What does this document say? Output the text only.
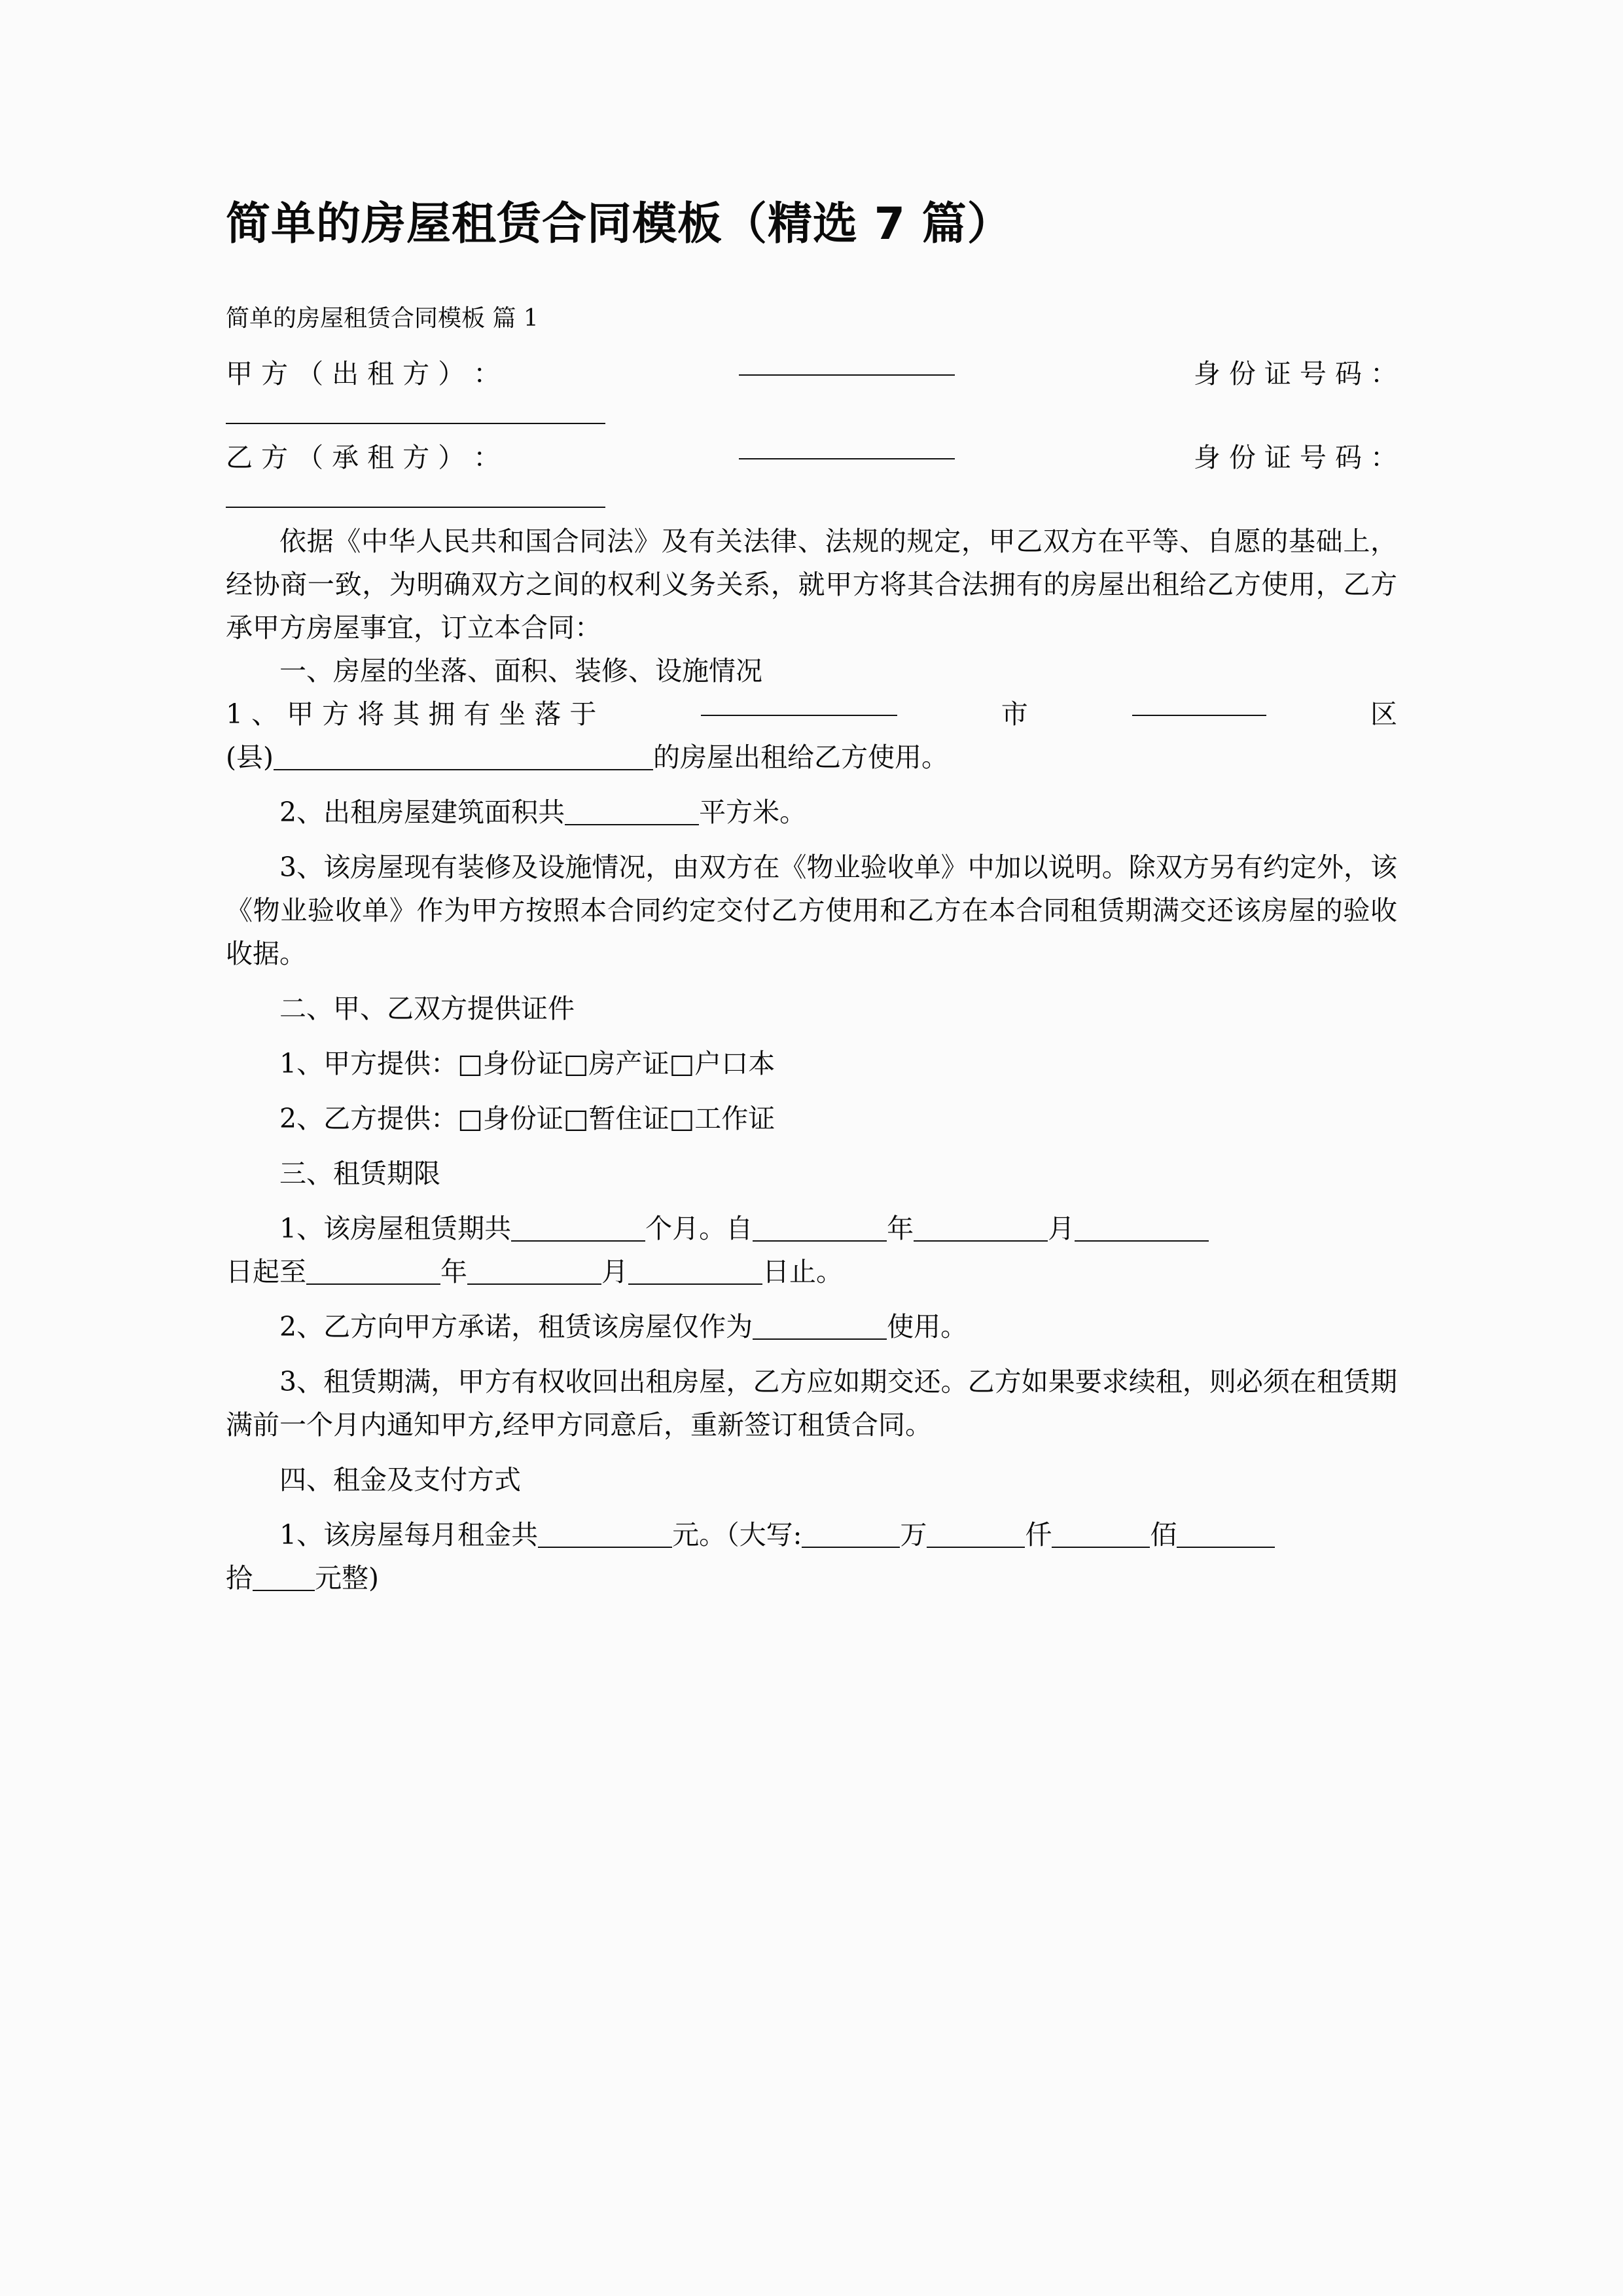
简单的房屋租赁合同模板（精选 7 篇）
简单的房屋租赁合同模板 篇 1
甲 方 （ 出 租 方 ） ：	身 份 证 号 码 ：
乙 方 （ 承 租 方 ） ：	身 份 证 号 码 ：

依据《中华人民共和国合同法》及有关法律、法规的规定，甲乙双方在平等、自愿的基础上，经协商一致，为明确双方之间的权利义务关系，就甲方将其合法拥有的房屋出租给乙方使用，乙方承甲方房屋事宜，订立本合同：

一、房屋的坐落、面积、装修、设施情况

1 、 甲 方 将 其 拥 有 坐 落 于	市	区

(县)	的房屋出租给乙方使用。

2、出租房屋建筑面积共	平方米。

3、该房屋现有装修及设施情况，由双方在《物业验收单》中加以说明。除双方另有约定外，该《物业验收单》作为甲方按照本合同约定交付乙方使用和乙方在本合同租赁期满交还该房屋的验收收据。

二、甲、乙双方提供证件

1、甲方提供：□身份证□房产证□户口本

2、乙方提供：□身份证□暂住证□工作证

三、租赁期限

1、该房屋租赁期共	个月。自	年	月

日起至	年	月	日止。

2、乙方向甲方承诺，租赁该房屋仅作为	使用。

3、租赁期满，甲方有权收回出租房屋，乙方应如期交还。乙方如果要求续租，则必须在租赁期满前一个月内通知甲方,经甲方同意后，重新签订租赁合同。

四、租金及支付方式

1、该房屋每月租金共	元。（大写:	万	仟	佰

拾 元整)
